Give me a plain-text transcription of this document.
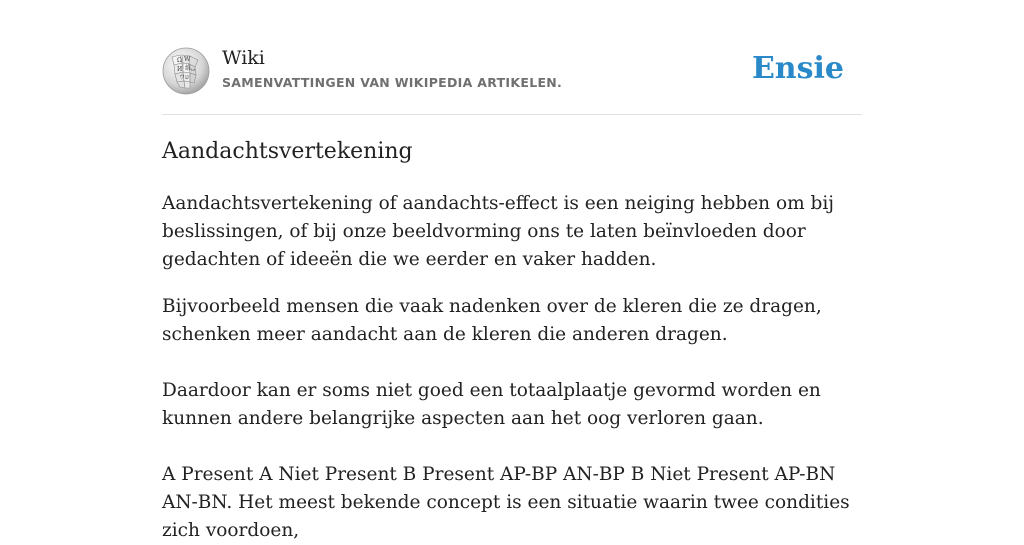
Ω W
И 維 ω
ウ ש
Wiki
SAMENVATTINGEN VAN WIKIPEDIA ARTIKELEN.	Ensie
Aandachtsvertekening

Aandachtsvertekening of aandachts-effect is een neiging hebben om bij beslissingen, of bij onze beeldvorming ons te laten beïnvloeden door gedachten of ideeën die we eerder en vaker hadden.

Bijvoorbeeld mensen die vaak nadenken over de kleren die ze dragen, schenken meer aandacht aan de kleren die anderen dragen.

Daardoor kan er soms niet goed een totaalplaatje gevormd worden en kunnen andere belangrijke aspecten aan het oog verloren gaan.

A Present A Niet Present B Present AP-BP AN-BP B Niet Present AP-BN AN-BN. Het meest bekende concept is een situatie waarin twee condities zich voordoen,
